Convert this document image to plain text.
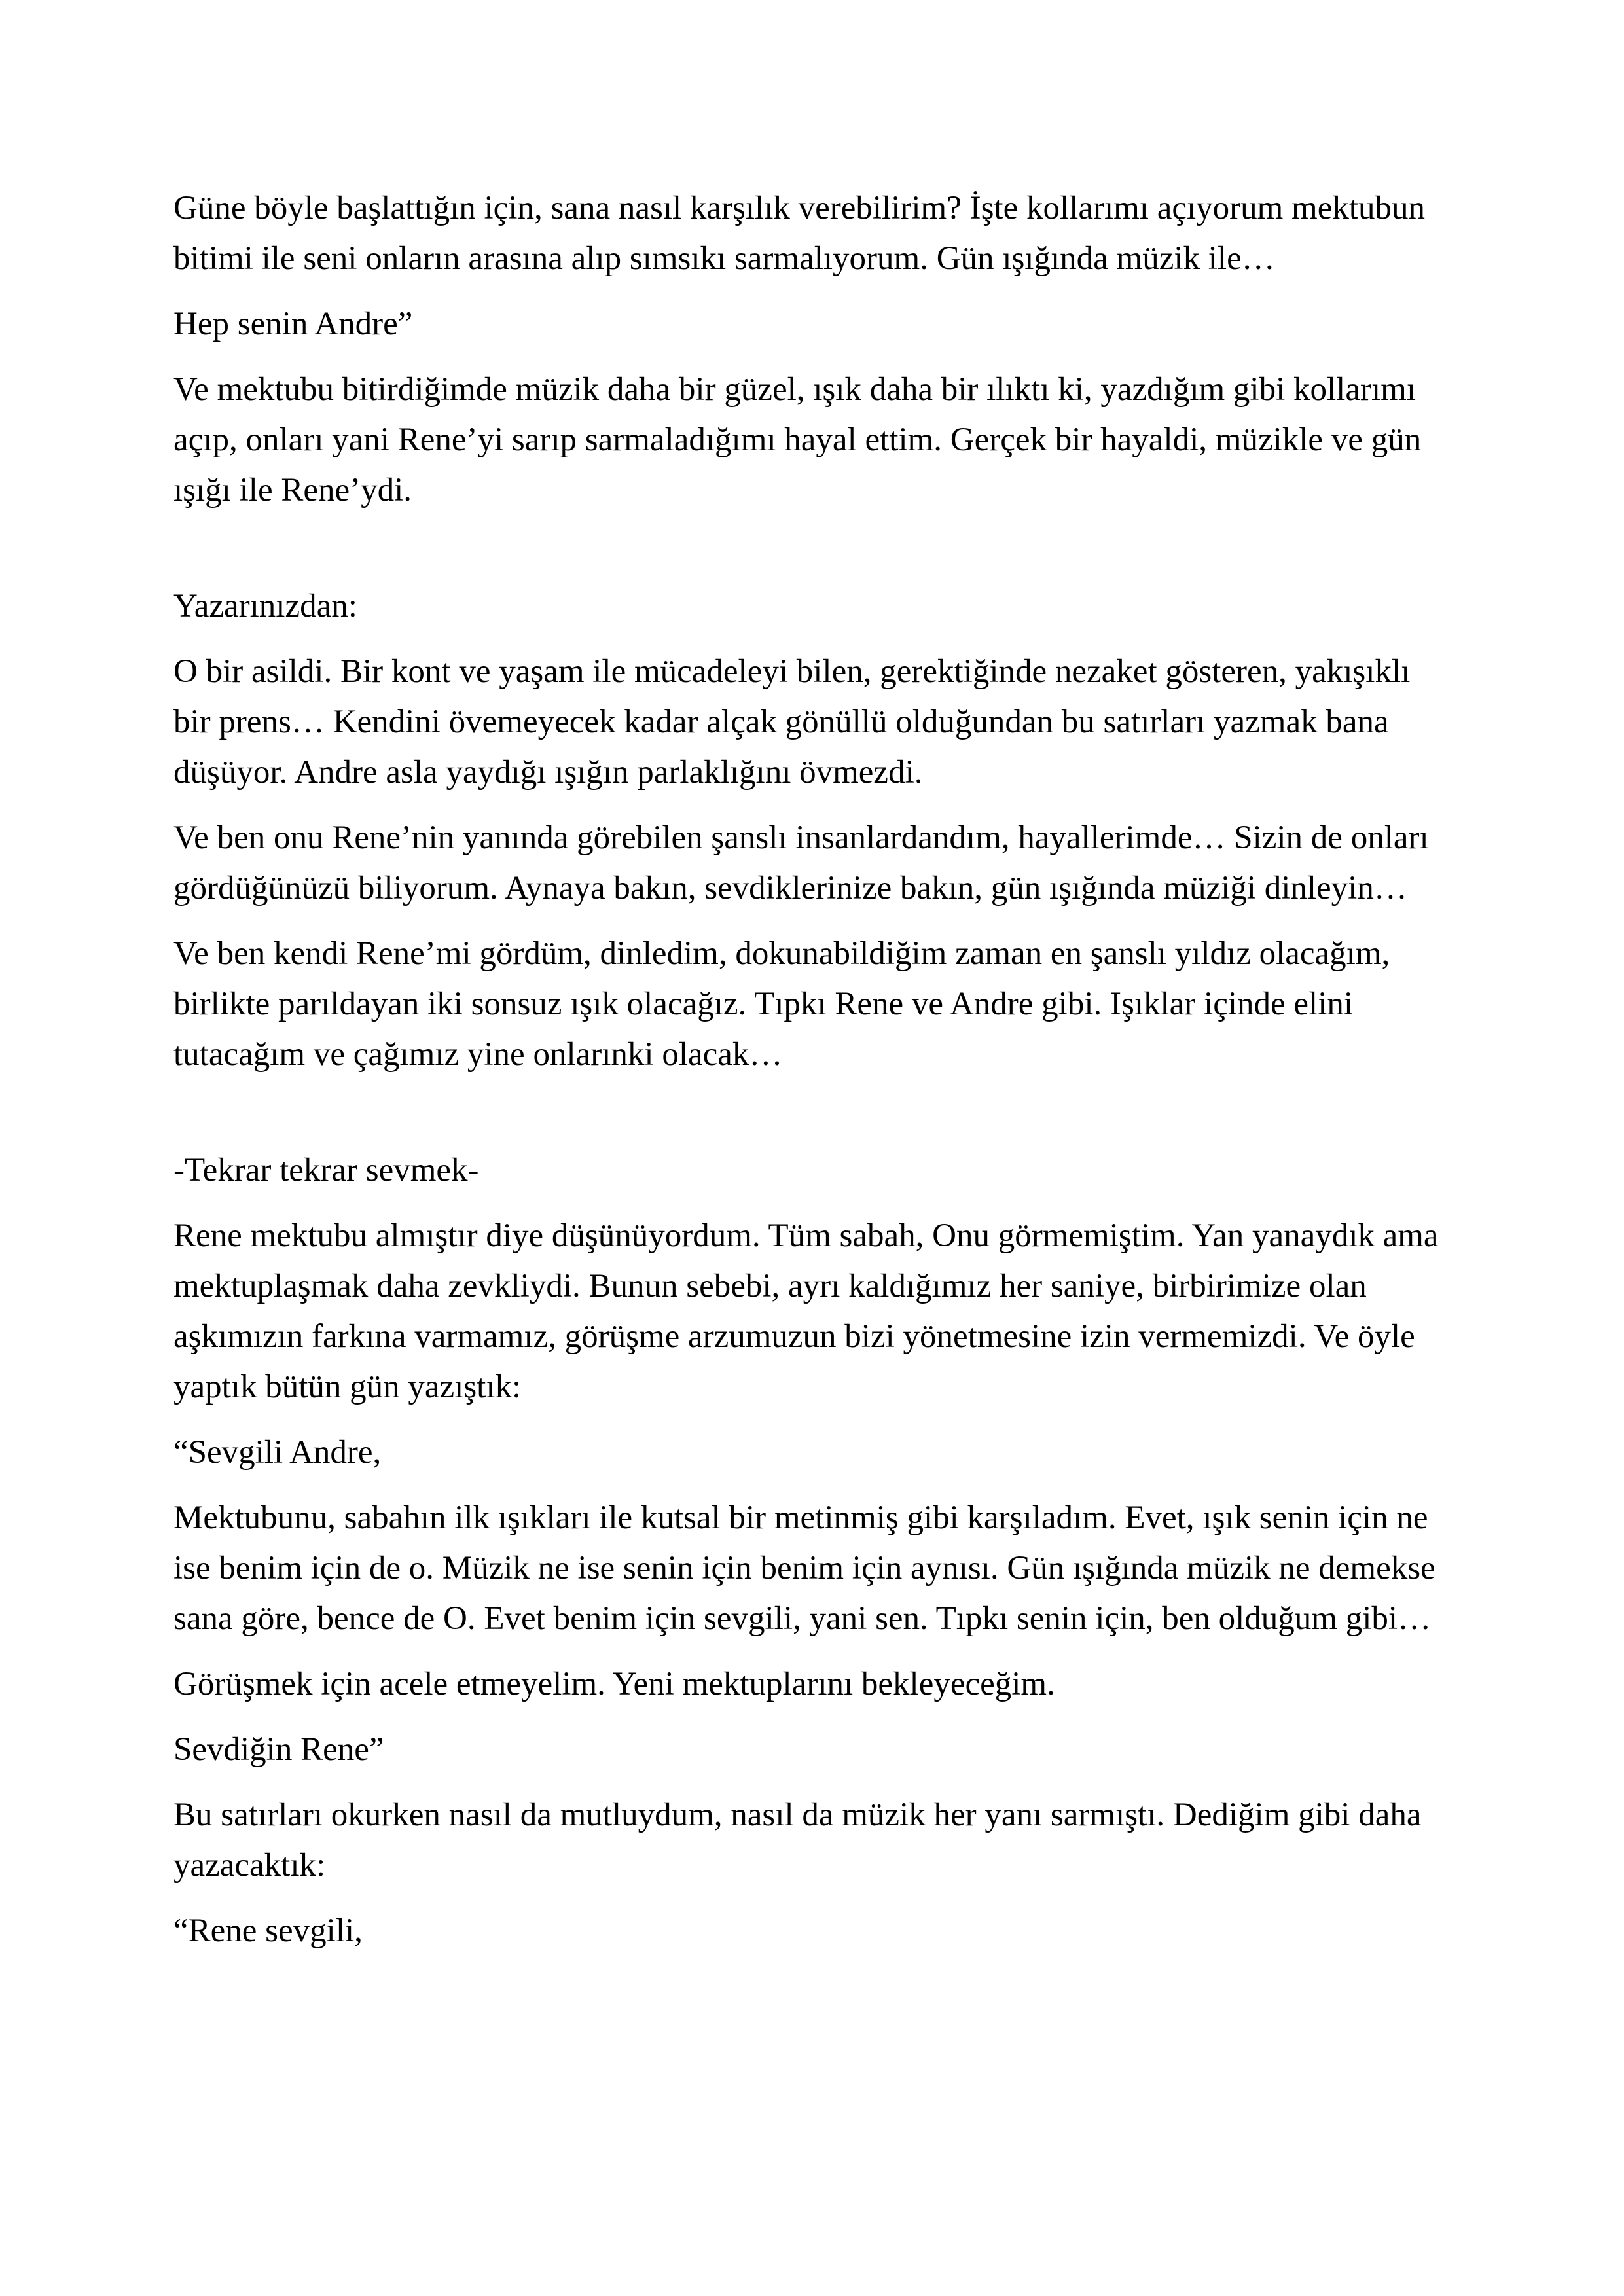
Güne böyle başlattığın için, sana nasıl karşılık verebilirim? İşte kollarımı açıyorum mektubun bitimi ile seni onların arasına alıp sımsıkı sarmalıyorum. Gün ışığında müzik ile…

Hep senin Andre”

Ve mektubu bitirdiğimde müzik daha bir güzel, ışık daha bir ılıktı ki, yazdığım gibi kollarımı açıp, onları yani Rene’yi sarıp sarmaladığımı hayal ettim. Gerçek bir hayaldi, müzikle ve gün ışığı ile Rene’ydi.

Yazarınızdan:

O bir asildi. Bir kont ve yaşam ile mücadeleyi bilen, gerektiğinde nezaket gösteren, yakışıklı bir prens… Kendini övemeyecek kadar alçak gönüllü olduğundan bu satırları yazmak bana düşüyor. Andre asla yaydığı ışığın parlaklığını övmezdi.

Ve ben onu Rene’nin yanında görebilen şanslı insanlardandım, hayallerimde… Sizin de onları gördüğünüzü biliyorum. Aynaya bakın, sevdiklerinize bakın, gün ışığında müziği dinleyin…

Ve ben kendi Rene’mi gördüm, dinledim, dokunabildiğim zaman en şanslı yıldız olacağım, birlikte parıldayan iki sonsuz ışık olacağız. Tıpkı Rene ve Andre gibi. Işıklar içinde elini tutacağım ve çağımız yine onlarınki olacak…

-Tekrar tekrar sevmek-

Rene mektubu almıştır diye düşünüyordum. Tüm sabah, Onu görmemiştim. Yan yanaydık ama mektuplaşmak daha zevkliydi. Bunun sebebi, ayrı kaldığımız her saniye, birbirimize olan aşkımızın farkına varmamız, görüşme arzumuzun bizi yönetmesine izin vermemizdi. Ve öyle yaptık bütün gün yazıştık:

“Sevgili Andre,

Mektubunu, sabahın ilk ışıkları ile kutsal bir metinmiş gibi karşıladım. Evet, ışık senin için ne ise benim için de o. Müzik ne ise senin için benim için aynısı. Gün ışığında müzik ne demekse sana göre, bence de O. Evet benim için sevgili, yani sen. Tıpkı senin için, ben olduğum gibi…

Görüşmek için acele etmeyelim. Yeni mektuplarını bekleyeceğim.

Sevdiğin Rene”

Bu satırları okurken nasıl da mutluydum, nasıl da müzik her yanı sarmıştı. Dediğim gibi daha yazacaktık:

“Rene sevgili,
